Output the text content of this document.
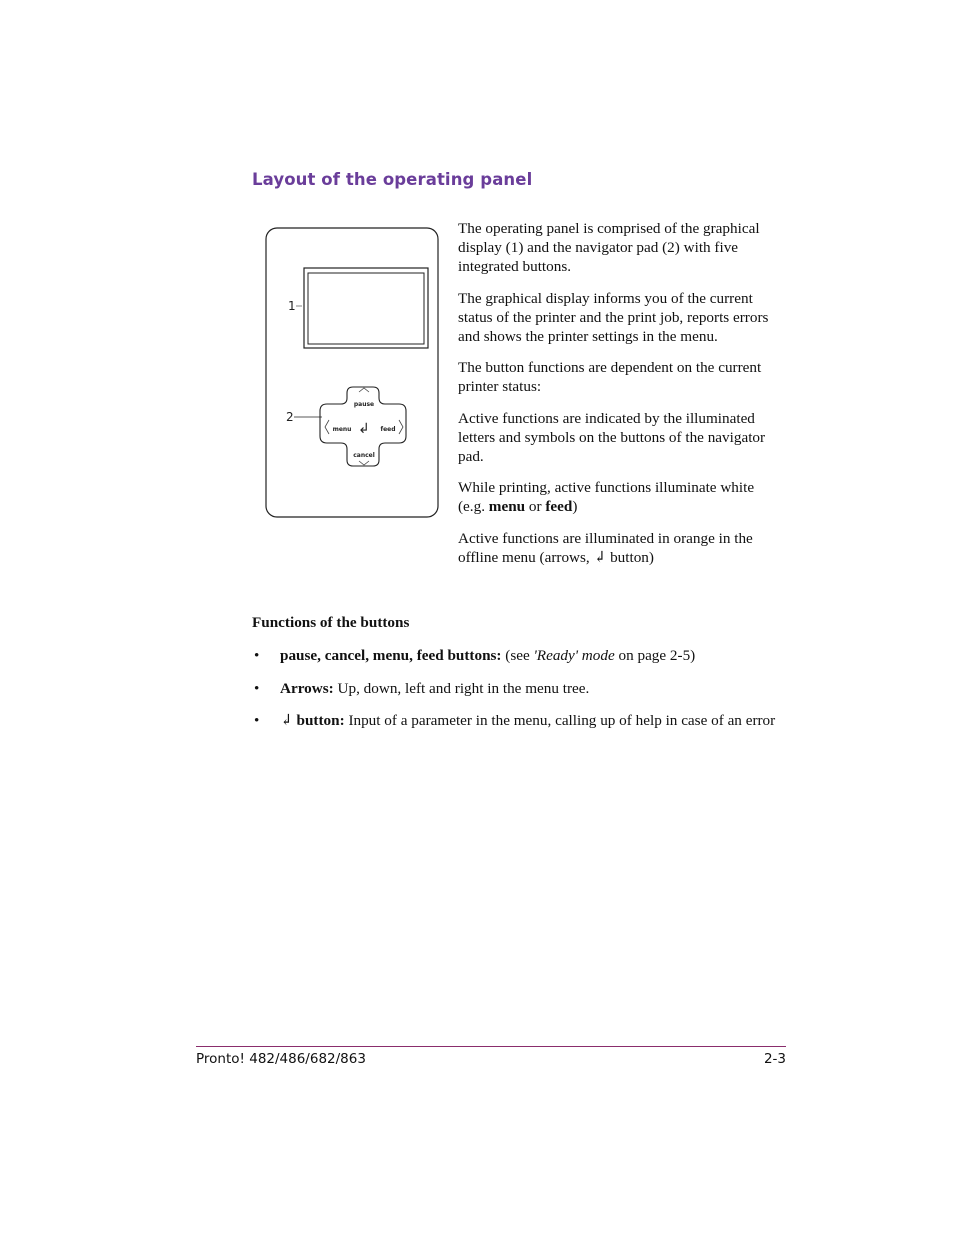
Layout of the operating panel
1
pause
cancel
menu	feed
↲
2

The operating panel is comprised of the graphical display (1) and the navigator pad (2) with five integrated buttons.

The graphical display informs you of the current status of the printer and the print job, reports errors and shows the printer settings in the menu.

The button functions are dependent on the current printer status:

Active functions are indicated by the illuminated letters and symbols on the buttons of the navigator pad.

While printing, active functions illuminate white (e.g. menu or feed)

Active functions are illuminated in orange in the offline menu (arrows, ↲ button)

Functions of the buttons
• pause, cancel, menu, feed buttons: (see 'Ready' mode on page 2-5)
• Arrows: Up, down, left and right in the menu tree.
• ↲ button: Input of a parameter in the menu, calling up of help in case of an error
Pronto! 482/486/682/863	2-3
